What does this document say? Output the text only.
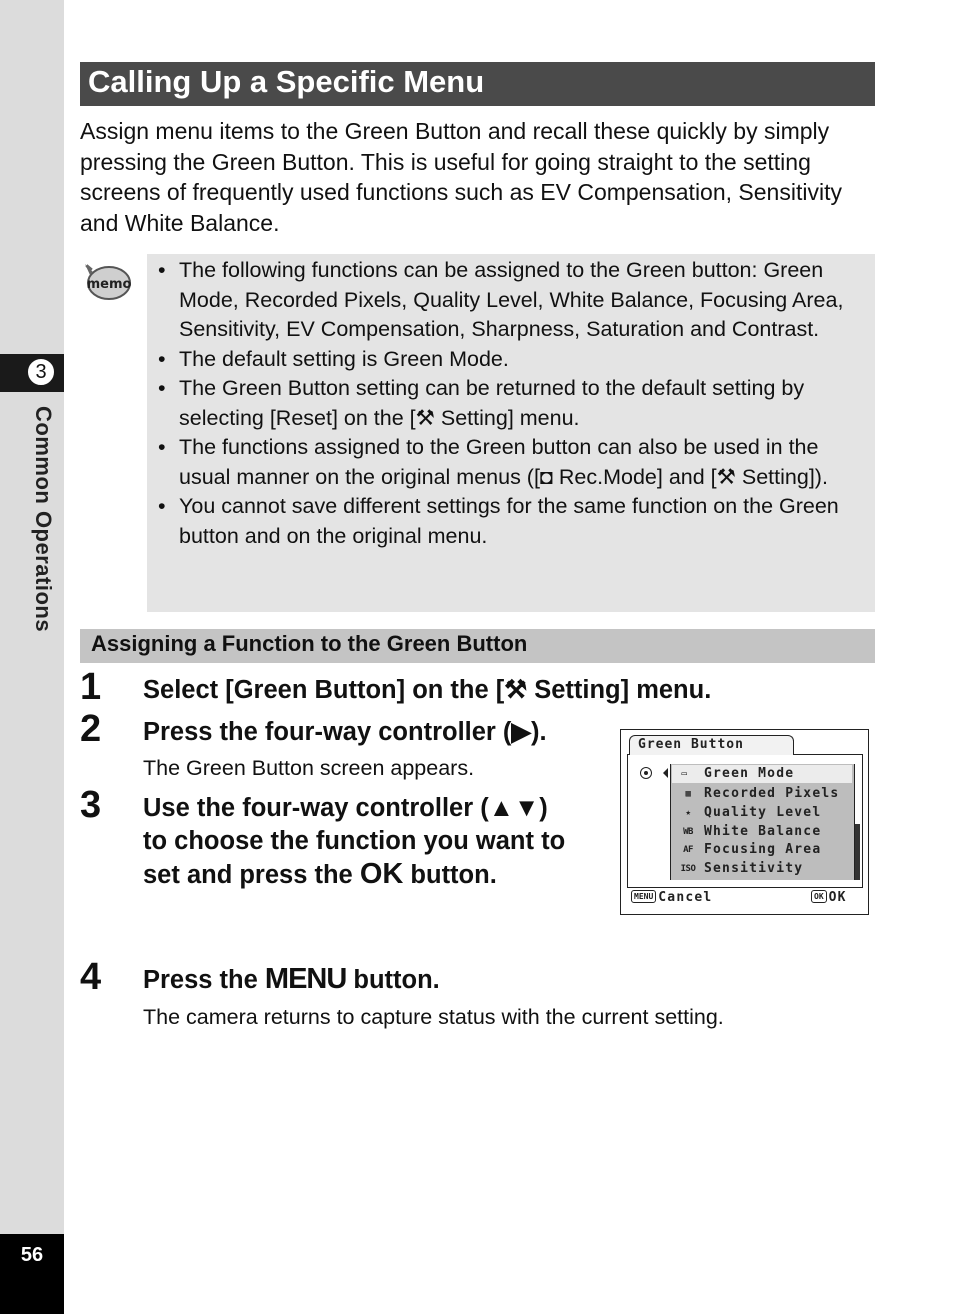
3
Common Operations
56
Calling Up a Specific Menu
Assign menu items to the Green Button and recall these quickly by simply pressing the Green Button. This is useful for going straight to the setting screens of frequently used functions such as EV Compensation, Sensitivity and White Balance.
memo
• The following functions can be assigned to the Green button: Green Mode, Recorded Pixels, Quality Level, White Balance, Focusing Area, Sensitivity, EV Compensation, Sharpness, Saturation and Contrast.
• The default setting is Green Mode.
• The Green Button setting can be returned to the default setting by selecting [Reset] on the [⚒ Setting] menu.
• The functions assigned to the Green button can also be used in the usual manner on the original menus ([◘ Rec.Mode] and [⚒ Setting]).
• You cannot save different settings for the same function on the Green button and on the original menu.
Assigning a Function to the Green Button
1 Select [Green Button] on the [⚒ Setting] menu.
2 Press the four-way controller (▶).
The Green Button screen appears.
3 Use the four-way controller (▲▼)
to choose the function you want to
set and press the OK button.
4 Press the MENU button.
The camera returns to capture status with the current setting.
Green Button
▭	Green Mode
▦	Recorded Pixels
★	Quality Level
WB White Balance
AF Focusing Area
ISO Sensitivity
MENU Cancel	OK OK
